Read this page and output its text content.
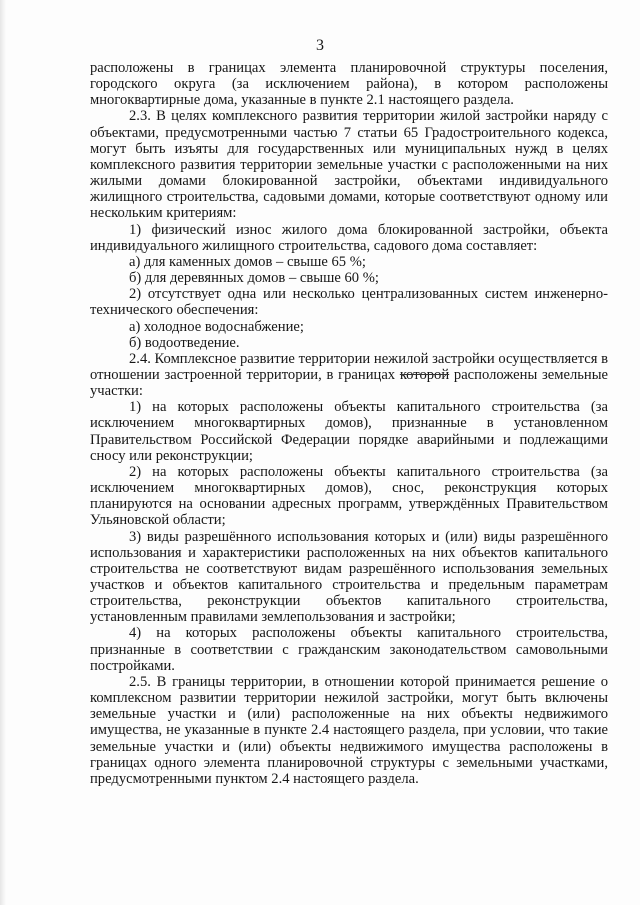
3

расположены в границах элемента планировочной структуры поселения, городского округа (за исключением района), в котором расположены многоквартирные дома, указанные в пункте 2.1 настоящего раздела.

2.3. В целях комплексного развития территории жилой застройки наряду с объектами, предусмотренными частью 7 статьи 65 Градостроительного кодекса, могут быть изъяты для государственных или муниципальных нужд в целях комплексного развития территории земельные участки с расположенными на них жилыми домами блокированной застройки, объектами индивидуального жилищного строительства, садовыми домами, которые соответствуют одному или нескольким критериям:

1) физический износ жилого дома блокированной застройки, объекта индивидуального жилищного строительства, садового дома составляет:

а) для каменных домов – свыше 65 %;

б) для деревянных домов – свыше 60 %;

2) отсутствует одна или несколько централизованных систем инженерно-технического обеспечения:

а) холодное водоснабжение;

б) водоотведение.

2.4. Комплексное развитие территории нежилой застройки осуществляется в отношении застроенной территории, в границах которой расположены земельные участки:

1) на которых расположены объекты капитального строительства (за исключением многоквартирных домов), признанные в установленном Правительством Российской Федерации порядке аварийными и подлежащими сносу или реконструкции;

2) на которых расположены объекты капитального строительства (за исключением многоквартирных домов), снос, реконструкция которых планируются на основании адресных программ, утверждённых Правительством Ульяновской области;

3) виды разрешённого использования которых и (или) виды разрешённого использования и характеристики расположенных на них объектов капитального строительства не соответствуют видам разрешённого использования земельных участков и объектов капитального строительства и предельным параметрам строительства, реконструкции объектов капитального строительства, установленным правилами землепользования и застройки;

4) на которых расположены объекты капитального строительства, признанные в соответствии с гражданским законодательством самовольными постройками.

2.5. В границы территории, в отношении которой принимается решение о комплексном развитии территории нежилой застройки, могут быть включены земельные участки и (или) расположенные на них объекты недвижимого имущества, не указанные в пункте 2.4 настоящего раздела, при условии, что такие земельные участки и (или) объекты недвижимого имущества расположены в границах одного элемента планировочной структуры с земельными участками, предусмотренными пунктом 2.4 настоящего раздела.
